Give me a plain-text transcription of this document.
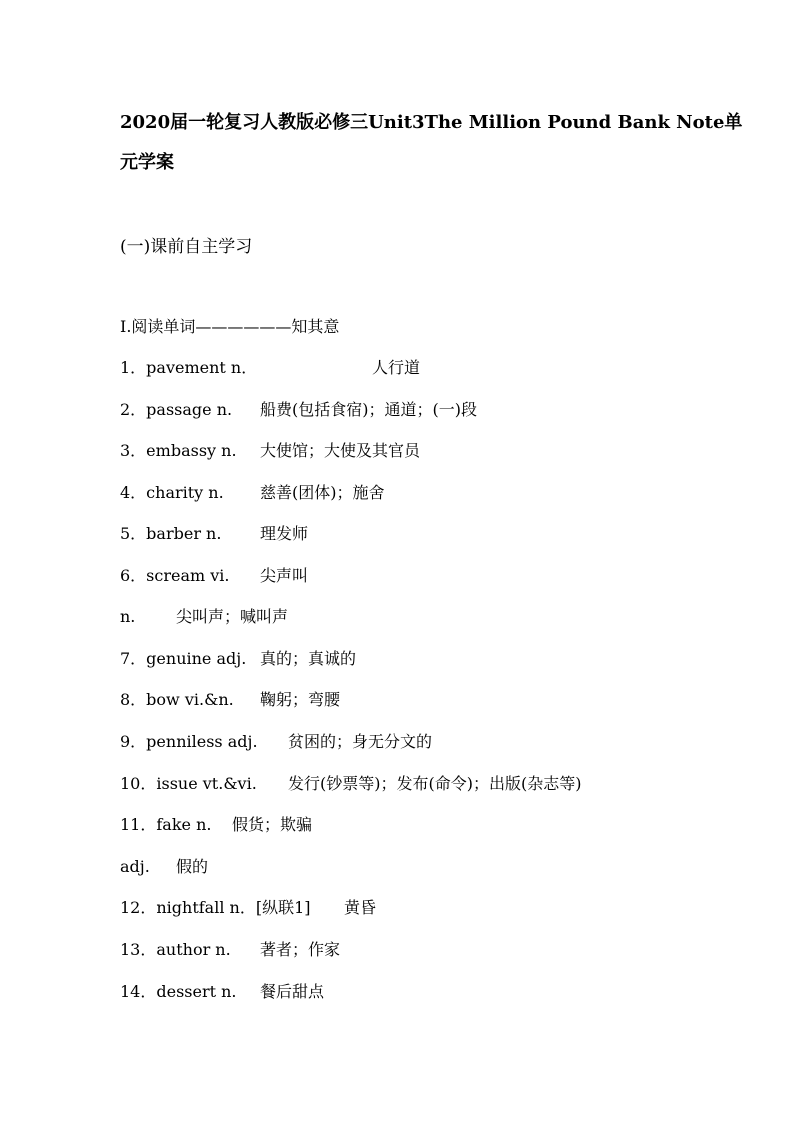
2020届一轮复习人教版必修三Unit3The Million Pound Bank Note单
元学案
(一)课前自主学习
Ⅰ.阅读单词——————知其意
1．pavement n．	人行道
2．passage n. 船费(包括食宿)；通道；(一)段
3．embassy n. 大使馆；大使及其官员
4．charity n. 慈善(团体)；施舍
5．barber n. 理发师
6．scream vi. 尖声叫
n.	尖叫声；喊叫声
7．genuine adj. 真的；真诚的
8．bow vi.&n. 鞠躬；弯腰
9．penniless adj. 贫困的；身无分文的
10．issue vt.&vi. 发行(钞票等)；发布(命令)；出版(杂志等)
11．fake n. 假货；欺骗
adj. 假的
12．nightfall n．[纵联1] 黄昏
13．author n. 著者；作家
14．dessert n. 餐后甜点
